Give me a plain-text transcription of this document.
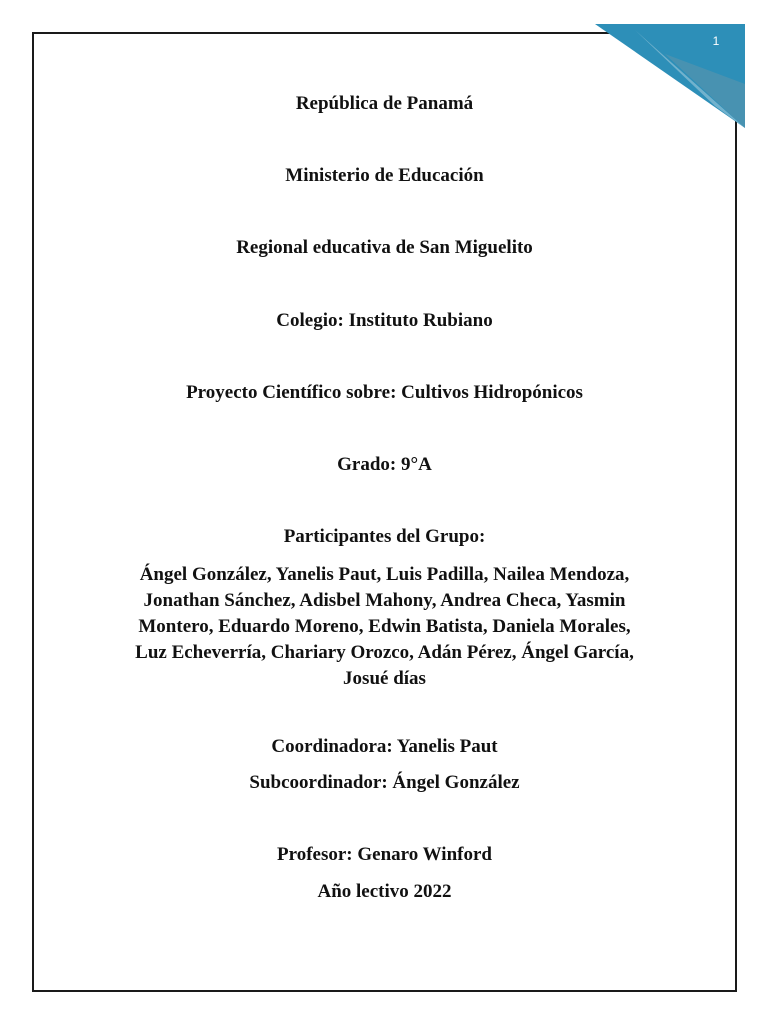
1
República de Panamá
Ministerio de Educación
Regional educativa de San Miguelito
Colegio: Instituto Rubiano
Proyecto Científico sobre: Cultivos Hidropónicos
Grado: 9°A
Participantes del Grupo:
Ángel González, Yanelis Paut, Luis Padilla, Nailea Mendoza,
Jonathan Sánchez, Adisbel Mahony, Andrea Checa, Yasmin
Montero, Eduardo Moreno, Edwin Batista, Daniela Morales,
Luz Echeverría, Chariary Orozco, Adán Pérez, Ángel García,
Josué días
Coordinadora: Yanelis Paut
Subcoordinador: Ángel González
Profesor: Genaro Winford
Año lectivo 2022
